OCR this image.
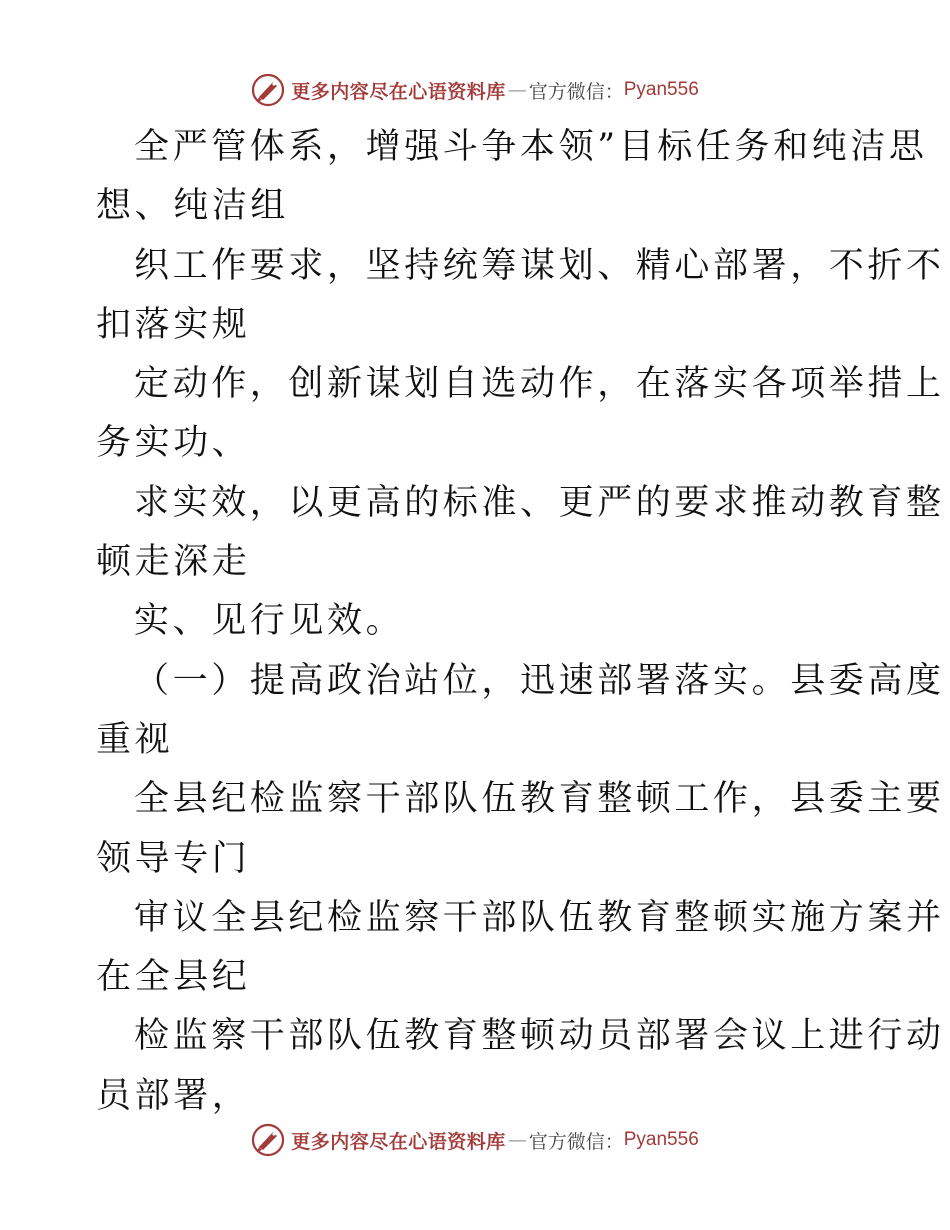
更多内容尽在心语资料库 — 官方微信： Pyan556
全严管体系，增强斗争本领”目标任务和纯洁思
想、纯洁组
织工作要求，坚持统筹谋划、精心部署，不折不
扣落实规
定动作，创新谋划自选动作，在落实各项举措上
务实功、
求实效，以更高的标准、更严的要求推动教育整
顿走深走
实、见行见效。
（一）提高政治站位，迅速部署落实。县委高度
重视
全县纪检监察干部队伍教育整顿工作，县委主要
领导专门
审议全县纪检监察干部队伍教育整顿实施方案并
在全县纪
检监察干部队伍教育整顿动员部署会议上进行动
员部署，
更多内容尽在心语资料库 — 官方微信： Pyan556
